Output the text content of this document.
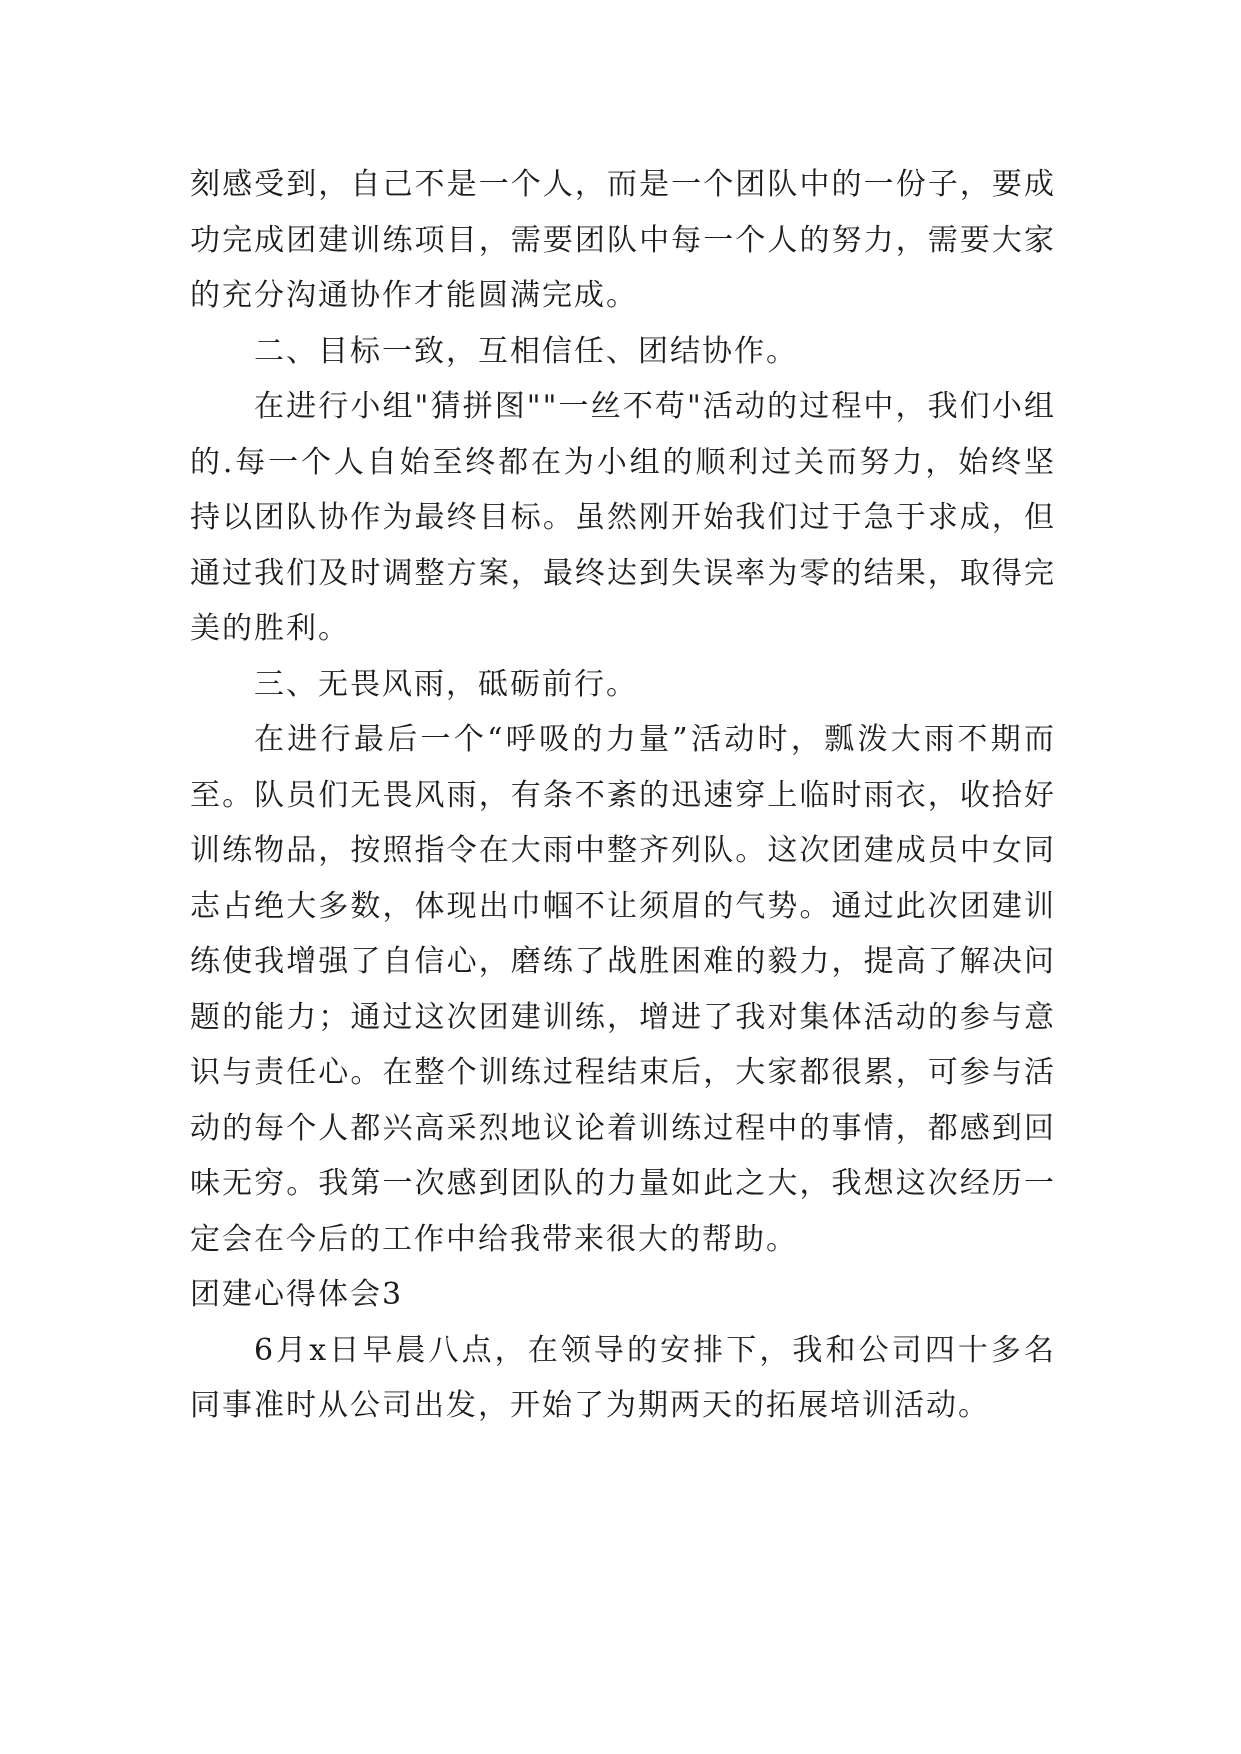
刻感受到，自己不是一个人，而是一个团队中的一份子，要成功完成团建训练项目，需要团队中每一个人的努力，需要大家的充分沟通协作才能圆满完成。

二、目标一致，互相信任、团结协作。

在进行小组"猜拼图""一丝不苟"活动的过程中，我们小组的.每一个人自始至终都在为小组的顺利过关而努力，始终坚持以团队协作为最终目标。虽然刚开始我们过于急于求成，但通过我们及时调整方案，最终达到失误率为零的结果，取得完美的胜利。

三、无畏风雨，砥砺前行。

在进行最后一个“呼吸的力量”活动时，瓢泼大雨不期而至。队员们无畏风雨，有条不紊的迅速穿上临时雨衣，收拾好训练物品，按照指令在大雨中整齐列队。这次团建成员中女同志占绝大多数，体现出巾帼不让须眉的气势。通过此次团建训练使我增强了自信心，磨练了战胜困难的毅力，提高了解决问题的能力；通过这次团建训练，增进了我对集体活动的参与意识与责任心。在整个训练过程结束后，大家都很累，可参与活动的每个人都兴高采烈地议论着训练过程中的事情，都感到回味无穷。我第一次感到团队的力量如此之大，我想这次经历一定会在今后的工作中给我带来很大的帮助。

团建心得体会3

6月x日早晨八点，在领导的安排下，我和公司四十多名同事准时从公司出发，开始了为期两天的拓展培训活动。
